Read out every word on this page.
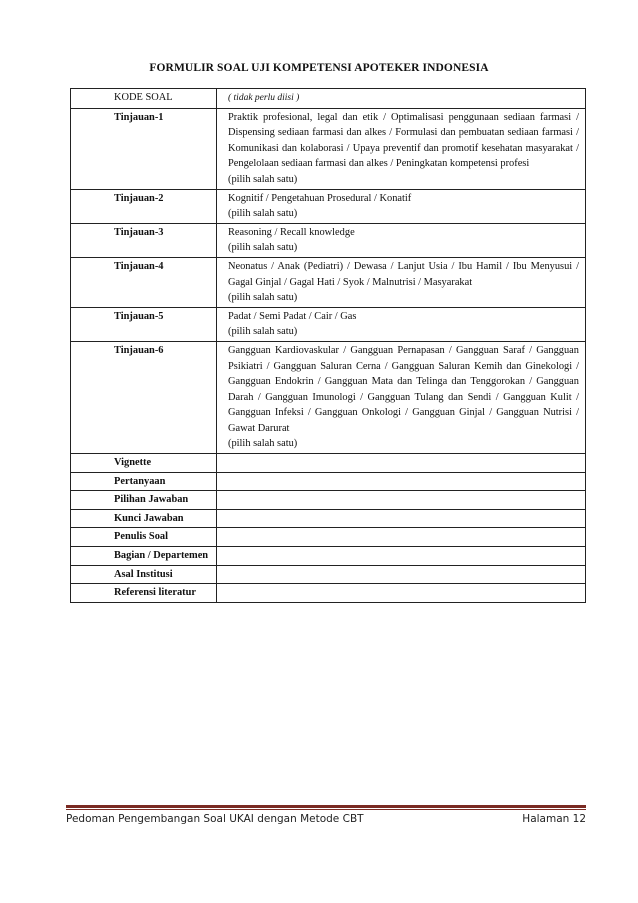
FORMULIR SOAL UJI KOMPETENSI APOTEKER INDONESIA
KODE SOAL	( tidak perlu diisi )
Tinjauan-1	Praktik profesional, legal dan etik / Optimalisasi penggunaan sediaan farmasi / Dispensing sediaan farmasi dan alkes / Formulasi dan pembuatan sediaan farmasi / Komunikasi dan kolaborasi / Upaya preventif dan promotif kesehatan masyarakat / Pengelolaan sediaan farmasi dan alkes / Peningkatan kompetensi profesi
(pilih salah satu)

Tinjauan-2	Kognitif / Pengetahuan Prosedural / Konatif
(pilih salah satu)

Tinjauan-3	Reasoning / Recall knowledge
(pilih salah satu)

Tinjauan-4	Neonatus / Anak (Pediatri) / Dewasa / Lanjut Usia / Ibu Hamil / Ibu Menyusui / Gagal Ginjal / Gagal Hati / Syok / Malnutrisi / Masyarakat
(pilih salah satu)

Tinjauan-5	Padat / Semi Padat / Cair / Gas
(pilih salah satu)

Tinjauan-6	Gangguan Kardiovaskular / Gangguan Pernapasan / Gangguan Saraf / Gangguan Psikiatri / Gangguan Saluran Cerna / Gangguan Saluran Kemih dan Ginekologi / Gangguan Endokrin / Gangguan Mata dan Telinga dan Tenggorokan / Gangguan Darah / Gangguan Imunologi / Gangguan Tulang dan Sendi / Gangguan Kulit / Gangguan Infeksi / Gangguan Onkologi / Gangguan Ginjal / Gangguan Nutrisi / Gawat Darurat
(pilih salah satu)

Vignette	
Pertanyaan	
Pilihan Jawaban	
Kunci Jawaban	
Penulis Soal	
Bagian / Departemen	
Asal Institusi	
Referensi literatur	
Pedoman Pengembangan Soal UKAI dengan Metode CBT	Halaman 12
